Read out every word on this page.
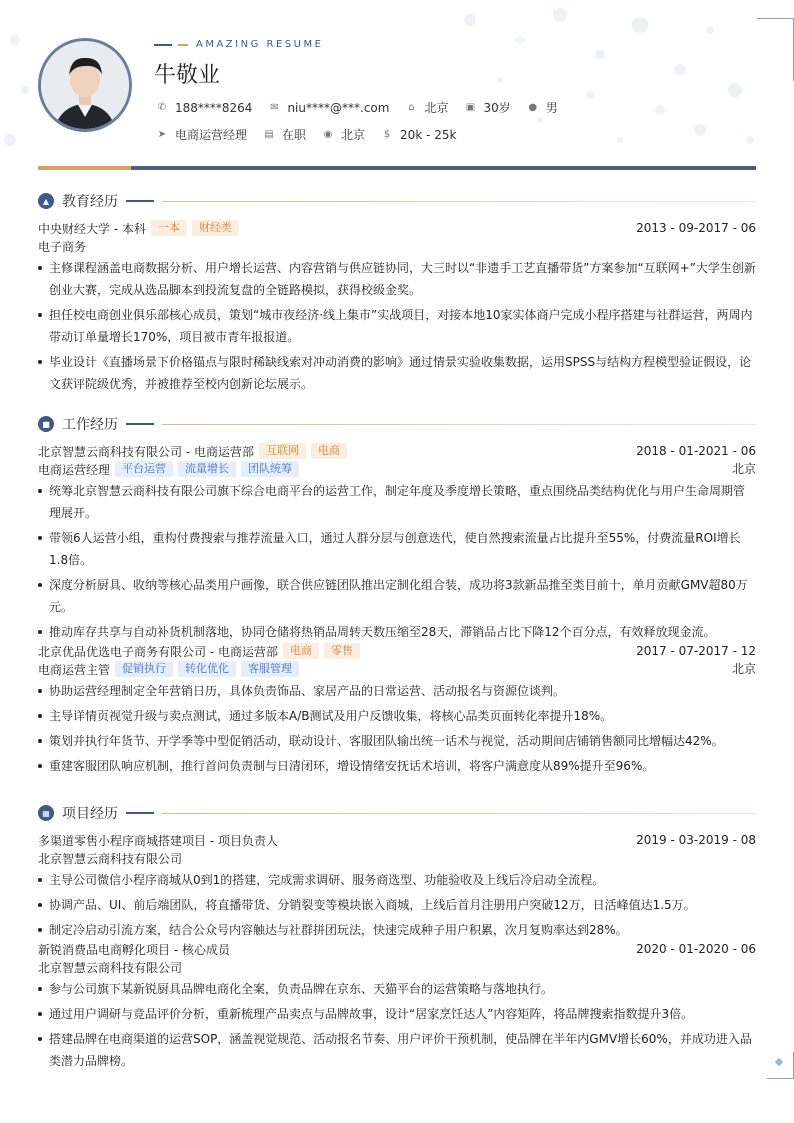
AMAZING RESUME
牛敬业
✆ 188****8264 ✉ niu****@***.com ⌂ 北京 ▣ 30岁 ● 男
➤ 电商运营经理 ▤ 在职 ◉ 北京 $ 20k - 25k
▲ 教育经历
中央财经大学 - 本科	一本	财经类	2013 - 09-2017 - 06
电子商务
主修课程涵盖电商数据分析、用户增长运营、内容营销与供应链协同，大三时以“非遗手工艺直播带货”方案参加“互联网+”大学生创新创业大赛，完成从选品脚本到投流复盘的全链路模拟，获得校级金奖。
担任校电商创业俱乐部核心成员，策划“城市夜经济·线上集市”实战项目，对接本地10家实体商户完成小程序搭建与社群运营，两周内带动订单量增长170%，项目被市青年报报道。
毕业设计《直播场景下价格锚点与限时稀缺线索对冲动消费的影响》通过情景实验收集数据，运用SPSS与结构方程模型验证假设，论文获评院级优秀，并被推荐至校内创新论坛展示。
■ 工作经历
北京智慧云商科技有限公司 - 电商运营部	互联网	电商	2018 - 01-2021 - 06
电商运营经理	平台运营	流量增长	团队统筹	北京
统筹北京智慧云商科技有限公司旗下综合电商平台的运营工作，制定年度及季度增长策略，重点围绕品类结构优化与用户生命周期管理展开。
带领6人运营小组，重构付费搜索与推荐流量入口，通过人群分层与创意迭代，使自然搜索流量占比提升至55%，付费流量ROI增长1.8倍。
深度分析厨具、收纳等核心品类用户画像，联合供应链团队推出定制化组合装，成功将3款新品推至类目前十，单月贡献GMV超80万元。
推动库存共享与自动补货机制落地，协同仓储将热销品周转天数压缩至28天，滞销品占比下降12个百分点，有效释放现金流。
北京优品优选电子商务有限公司 - 电商运营部	电商	零售	2017 - 07-2017 - 12
电商运营主管	促销执行	转化优化	客服管理	北京
协助运营经理制定全年营销日历，具体负责饰品、家居产品的日常运营、活动报名与资源位谈判。
主导详情页视觉升级与卖点测试，通过多版本A/B测试及用户反馈收集，将核心品类页面转化率提升18%。
策划并执行年货节、开学季等中型促销活动，联动设计、客服团队输出统一话术与视觉，活动期间店铺销售额同比增幅达42%。
重建客服团队响应机制，推行首问负责制与日清闭环，增设情绪安抚话术培训，将客户满意度从89%提升至96%。
▦ 项目经历
多渠道零售小程序商城搭建项目 - 项目负责人	2019 - 03-2019 - 08
北京智慧云商科技有限公司
主导公司微信小程序商城从0到1的搭建，完成需求调研、服务商选型、功能验收及上线后冷启动全流程。
协调产品、UI、前后端团队，将直播带货、分销裂变等模块嵌入商城，上线后首月注册用户突破12万，日活峰值达1.5万。
制定冷启动引流方案，结合公众号内容触达与社群拼团玩法，快速完成种子用户积累，次月复购率达到28%。
新锐消费品电商孵化项目 - 核心成员	2020 - 01-2020 - 06
北京智慧云商科技有限公司
参与公司旗下某新锐厨具品牌电商化全案，负责品牌在京东、天猫平台的运营策略与落地执行。
通过用户调研与竞品评价分析，重新梳理产品卖点与品牌故事，设计“居家烹饪达人”内容矩阵，将品牌搜索指数提升3倍。
搭建品牌在电商渠道的运营SOP，涵盖视觉规范、活动报名节奏、用户评价干预机制，使品牌在半年内GMV增长60%，并成功进入品类潜力品牌榜。
